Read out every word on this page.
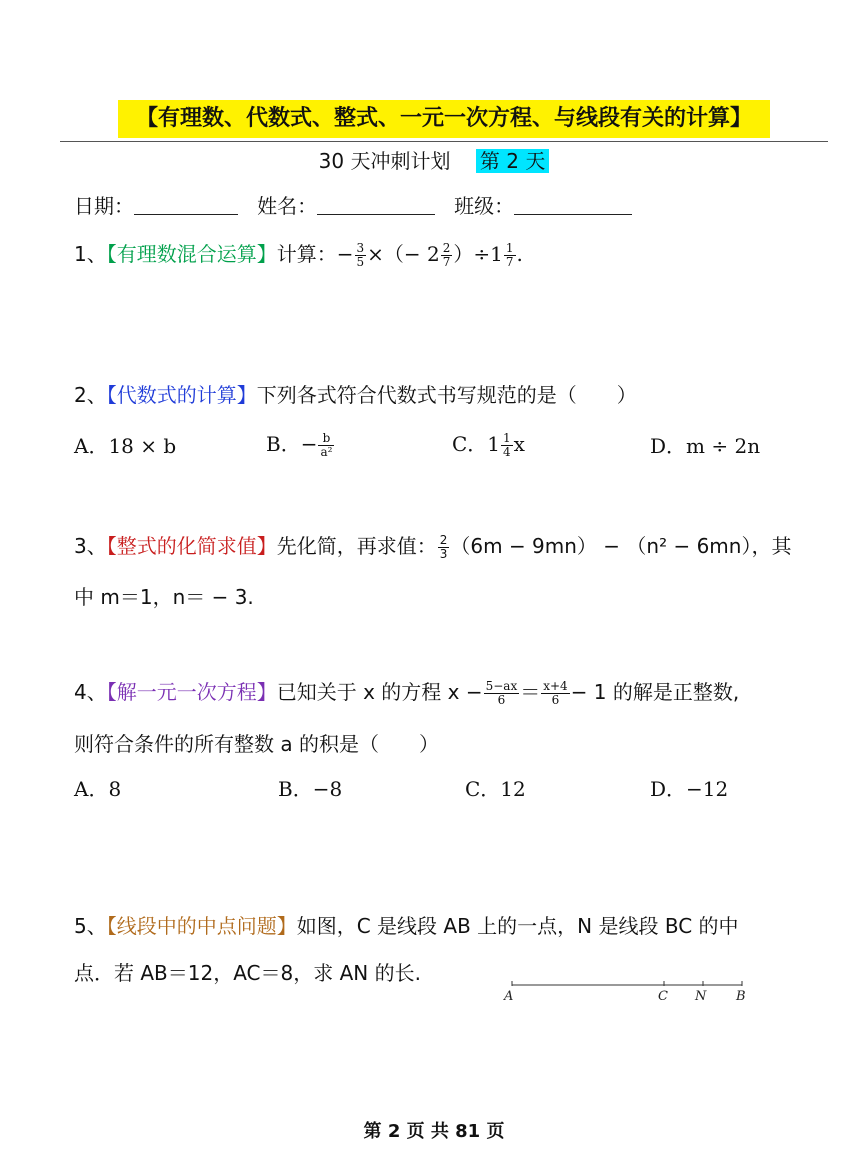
【有理数、代数式、整式、一元一次方程、与线段有关的计算】
30 天冲刺计划 第 2 天
日期：	姓名：	班级：
1、【有理数混合运算】计算：− $\frac{3}{5}$ ×（− $2 \frac{2}{7} )\div 1 \frac{1}{7}$ .
2、【代数式的计算】下列各式符合代数式书写规范的是（　　）
A．18 × b	B．− $\frac{b}{\text{a²}}$	C．$1 \frac{1}{4}$ x	D．m ÷ 2n
3、【整式的化简求值】先化简，再求值： $\frac{2}{3} (6m - 9mn) - (n^2 - 6mn)$，其
中 m＝1，n＝ − 3.
4、【解一元一次方程】已知关于 x 的方程 $x - \frac{5-ax}{6} = \frac{x+4}{6} - 1$ 的解是正整数,
则符合条件的所有整数 a 的积是（　　）
A．8	B．−8	C．12	D．−12
5、【线段中的中点问题】如图，C 是线段 AB 上的一点，N 是线段 BC 的中
点．若 AB＝12，AC＝8，求 AN 的长.
A	C N B
第 2 页 共 81 页
